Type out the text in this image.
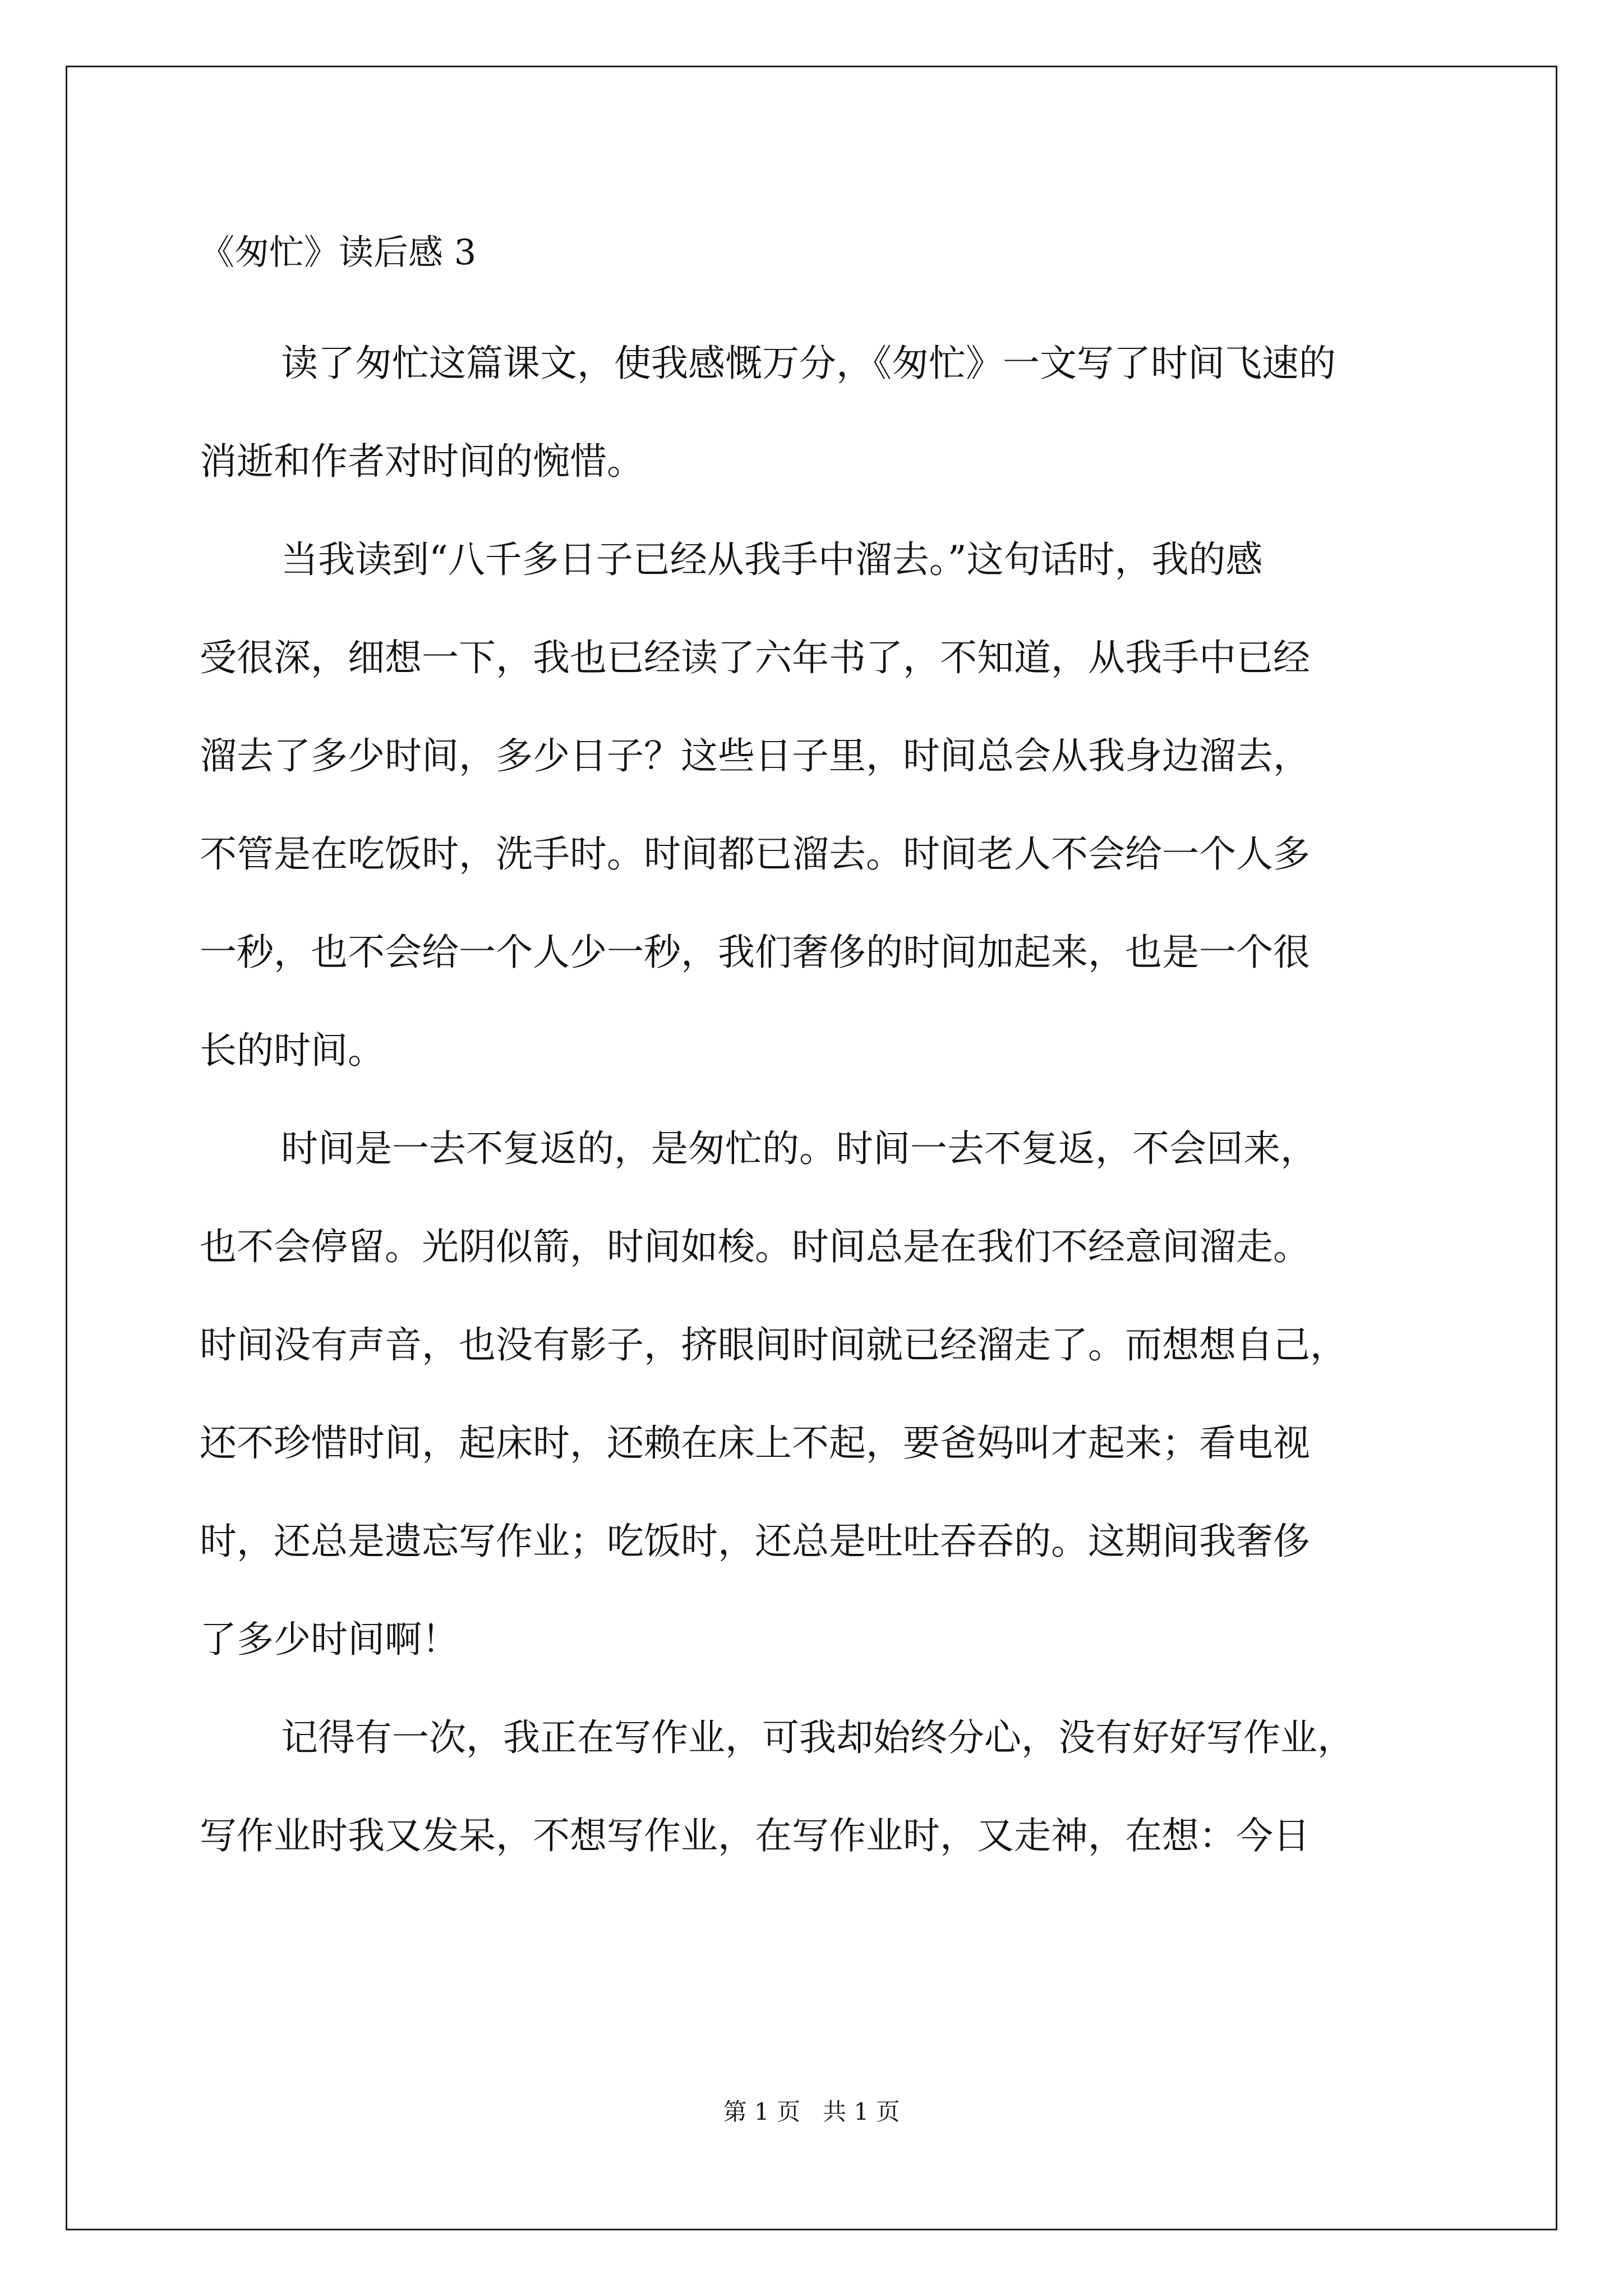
《匆忙》读后感 3

读了匆忙这篇课文，使我感慨万分，《匆忙》一文写了时间飞速的
消逝和作者对时间的惋惜。

当我读到“八千多日子已经从我手中溜去。”这句话时，我的感
受很深，细想一下，我也已经读了六年书了，不知道，从我手中已经
溜去了多少时间，多少日子？这些日子里，时间总会从我身边溜去，
不管是在吃饭时，洗手时。时间都已溜去。时间老人不会给一个人多
一秒，也不会给一个人少一秒，我们奢侈的时间加起来，也是一个很
长的时间。

时间是一去不复返的，是匆忙的。时间一去不复返，不会回来，
也不会停留。光阴似箭，时间如梭。时间总是在我们不经意间溜走。
时间没有声音，也没有影子，挤眼间时间就已经溜走了。而想想自己，
还不珍惜时间，起床时，还赖在床上不起，要爸妈叫才起来；看电视
时，还总是遗忘写作业；吃饭时，还总是吐吐吞吞的。这期间我奢侈
了多少时间啊！

记得有一次，我正在写作业，可我却始终分心，没有好好写作业，
写作业时我又发呆，不想写作业，在写作业时，又走神，在想：今日

第 1 页 共 1 页
